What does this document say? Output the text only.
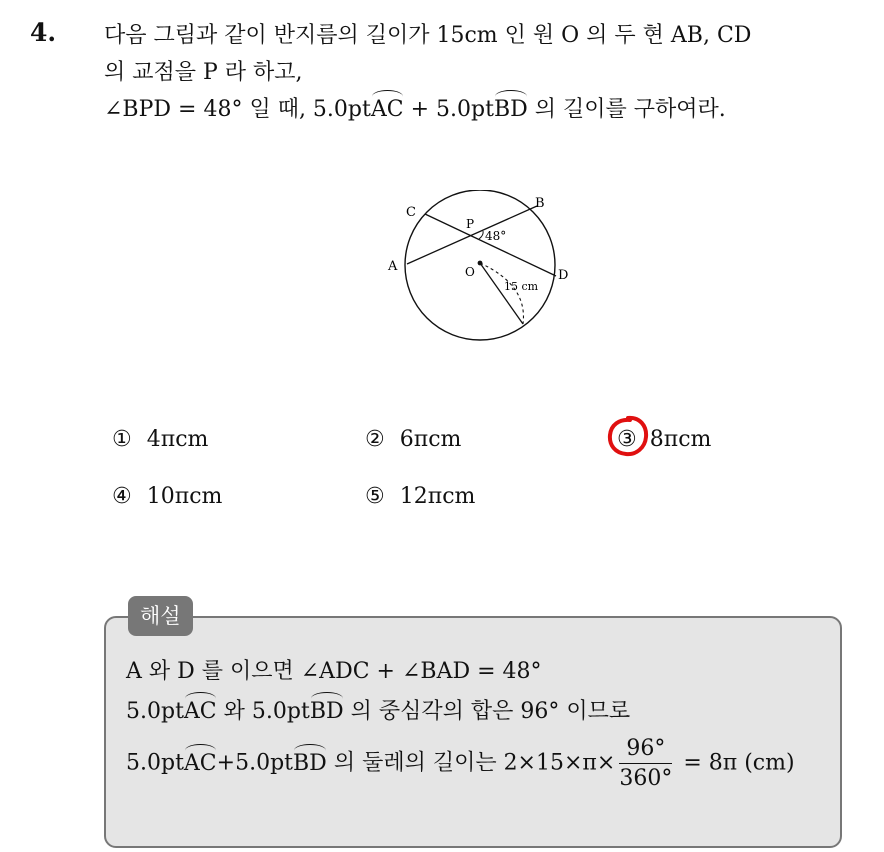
4. 다음 그림과 같이 반지름의 길이가 15cm 인 원 O 의 두 현 AB, CD
의 교점을 P 라 하고,
∠BPD = 48° 일 때, 5.0ptAC + 5.0ptBD 의 길이를 구하여라.
C
B
A
D
P
O
48°
15 cm
① 4πcm	② 6πcm	③ 8πcm
④ 10πcm	⑤ 12πcm
해설
A 와 D 를 이으면 ∠ADC + ∠BAD = 48°
5.0ptAC 와 5.0ptBD 의 중심각의 합은 96° 이므로
5.0ptAC+5.0ptBD 의 둘레의 길이는 $2\times 15\times\pi\times \frac{96^\circ}{360^\circ} = 8\pi$ (cm)
